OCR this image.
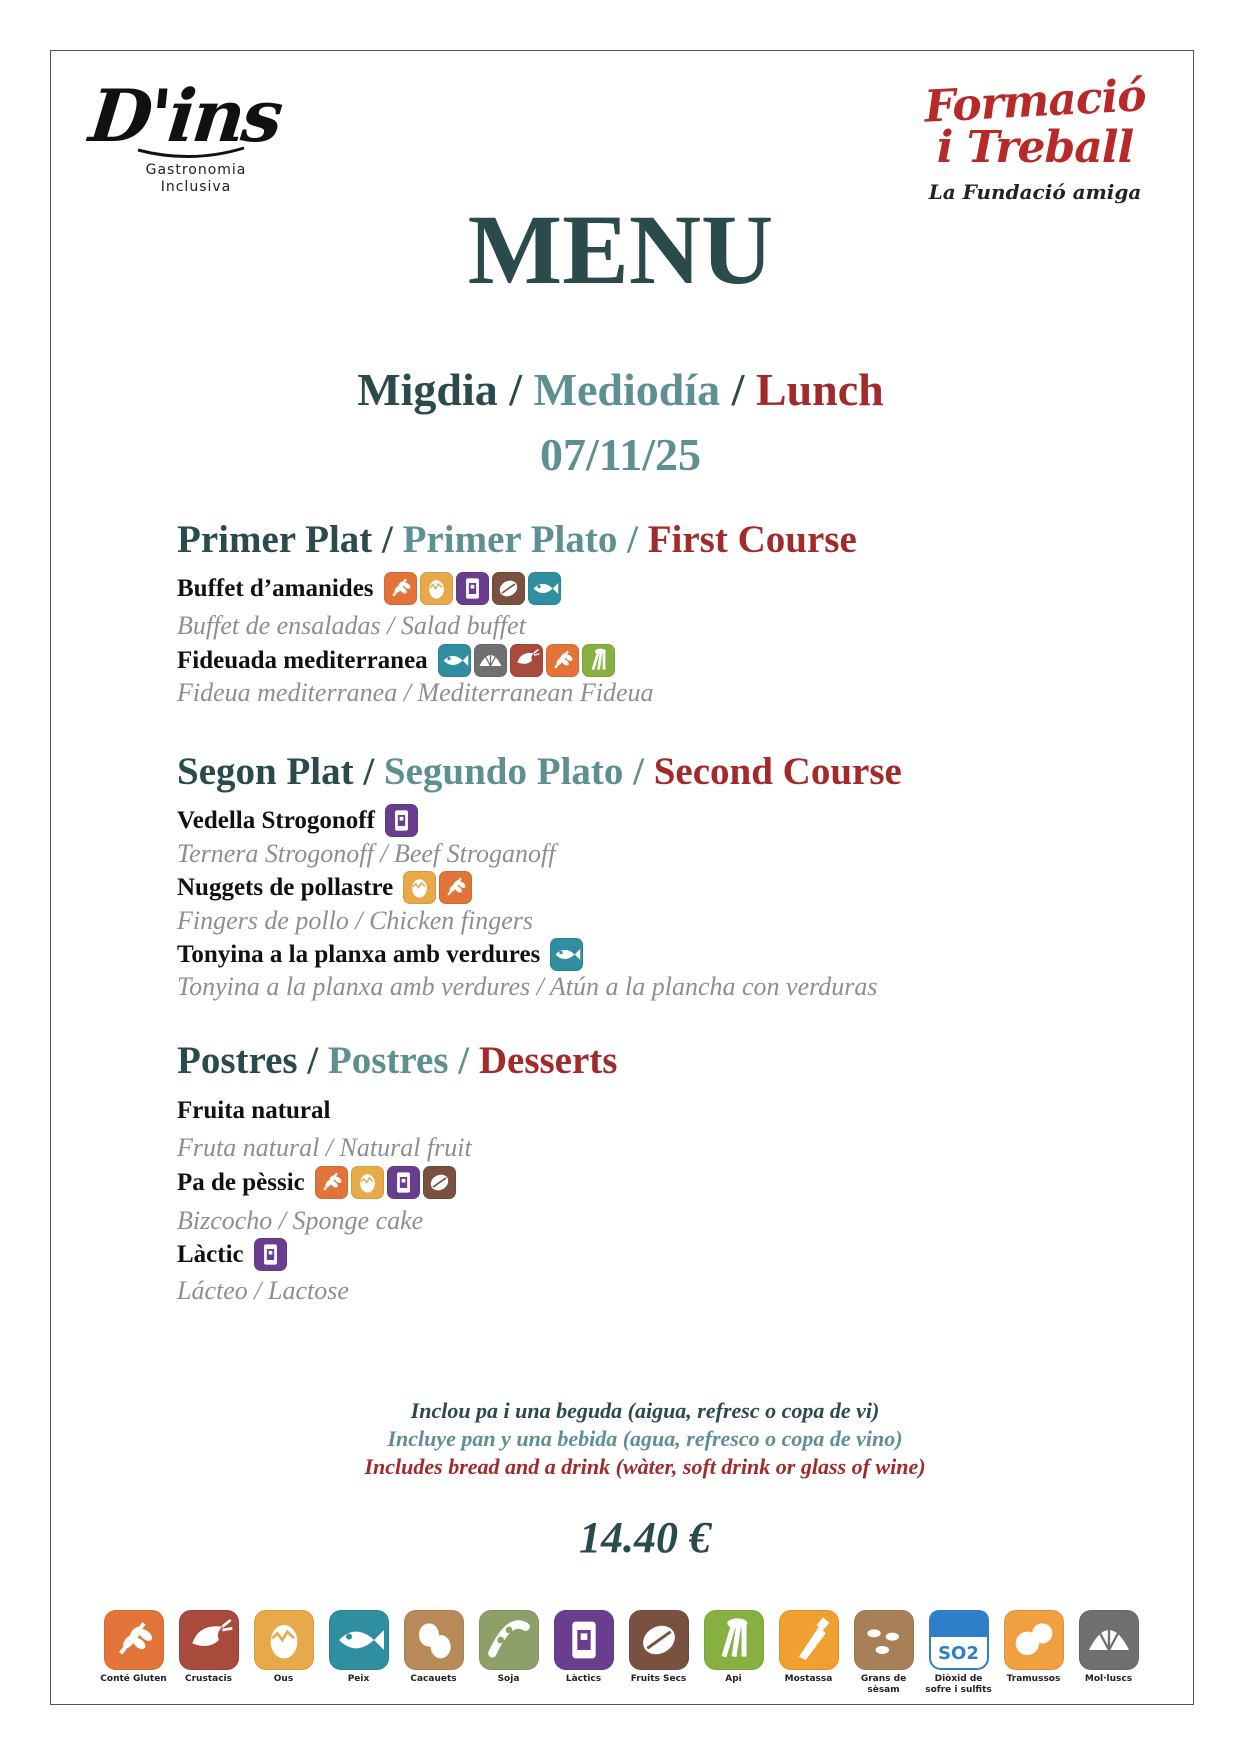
D'ins
Gastronomia
Inclusiva
Formació
i Treball
La Fundació amiga
MENU
Migdia / Mediodía / Lunch
07/11/25
Primer Plat / Primer Plato / First Course
Buffet d’amanides
Buffet de ensaladas / Salad buffet
Fideuada mediterranea
Fideua mediterranea / Mediterranean Fideua
Segon Plat / Segundo Plato / Second Course
Vedella Strogonoff
Ternera Strogonoff / Beef Stroganoff
Nuggets de pollastre
Fingers de pollo / Chicken fingers
Tonyina a la planxa amb verdures
Tonyina a la planxa amb verdures / Atún a la plancha con verduras
Postres / Postres / Desserts
Fruita natural
Fruta natural / Natural fruit
Pa de pèssic
Bizcocho / Sponge cake
Làctic
Lácteo / Lactose
Inclou pa i una beguda (aigua, refresc o copa de vi)
Incluye pan y una bebida (agua, refresco o copa de vino)
Includes bread and a drink (wàter, soft drink or glass of wine)
14.40 €
Conté Gluten	Crustacis	Ous	Peix	Cacauets	Soja	Làctics	Fruits Secs	Api	Mostassa	Grans de sèsam
SO2
Diòxid de sofre i sulfits
Tramussos	Mol·luscs
